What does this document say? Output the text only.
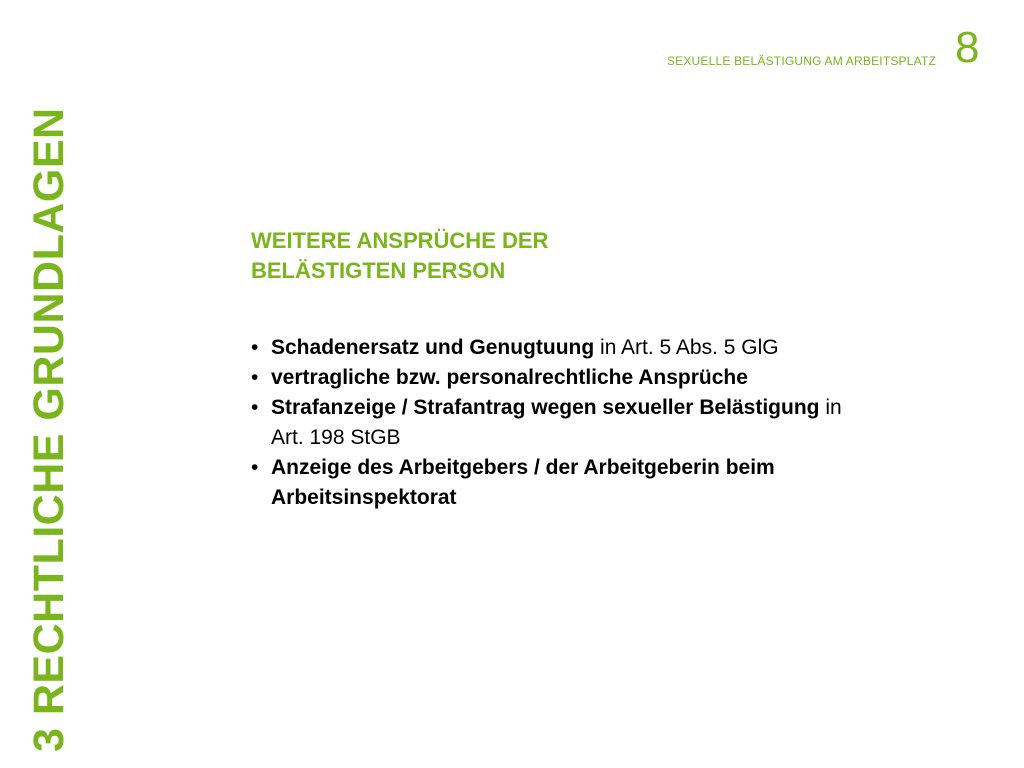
3 RECHTLICHE GRUNDLAGEN
SEXUELLE BELÄSTIGUNG AM ARBEITSPLATZ 8
WEITERE ANSPRÜCHE DER
BELÄSTIGTEN PERSON
• Schadenersatz und Genugtuung in Art. 5 Abs. 5 GlG
• vertragliche bzw. personalrechtliche Ansprüche
• Strafanzeige / Strafantrag wegen sexueller Belästigung in Art. 198 StGB
• Anzeige des Arbeitgebers / der Arbeitgeberin beim Arbeitsinspektorat
